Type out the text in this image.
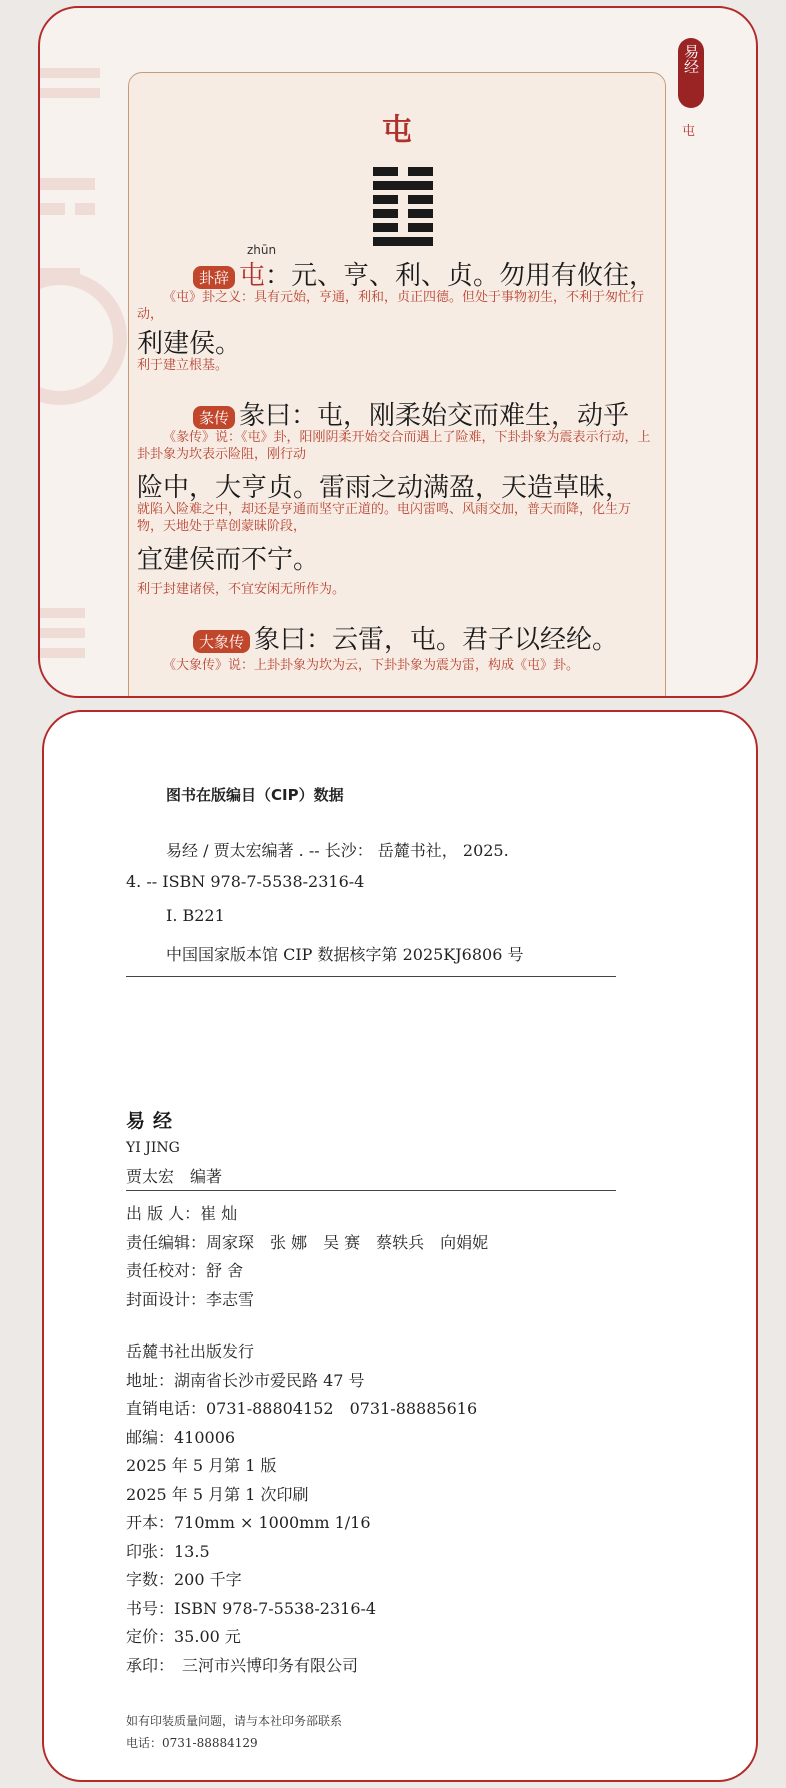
易经
屯
屯
zhūn
卦辞 屯：元、亨、利、贞。勿用有攸往，
《屯》卦之义：具有元始，亨通，利和，贞正四德。但处于事物初生，不利于匆忙行动，
利建侯。
利于建立根基。
彖传 彖曰：屯，刚柔始交而难生，动乎
《彖传》说：《屯》卦，阳刚阴柔开始交合而遇上了险难，下卦卦象为震表示行动，上卦卦象为坎表示险阻，刚行动
险中，大亨贞。雷雨之动满盈，天造草昧，
就陷入险难之中，却还是亨通而坚守正道的。电闪雷鸣、风雨交加，普天而降，化生万物，天地处于草创蒙昧阶段，
宜建侯而不宁。
利于封建诸侯，不宜安闲无所作为。
大象传 象曰：云雷，屯。君子以经纶。
《大象传》说：上卦卦象为坎为云，下卦卦象为震为雷，构成《屯》卦。
图书在版编目（CIP）数据
易经 / 贾太宏编著 . -- 长沙： 岳麓书社， 2025.
4. -- ISBN 978-7-5538-2316-4
Ⅰ. B221
中国国家版本馆 CIP 数据核字第 2025KJ6806 号
易经
YI JING
贾太宏　编著
出 版 人：崔 灿
责任编辑：周家琛　张 娜　吴 赛　蔡轶兵　向娟妮
责任校对：舒 舍
封面设计：李志雪
岳麓书社出版发行
地址：湖南省长沙市爱民路 47 号
直销电话：0731-88804152　0731-88885616
邮编：410006
2025 年 5 月第 1 版
2025 年 5 月第 1 次印刷
开本：710mm × 1000mm 1/16
印张：13.5
字数：200 千字
书号：ISBN 978-7-5538-2316-4
定价：35.00 元
承印：　三河市兴博印务有限公司
如有印装质量问题，请与本社印务部联系
电话：0731-88884129
